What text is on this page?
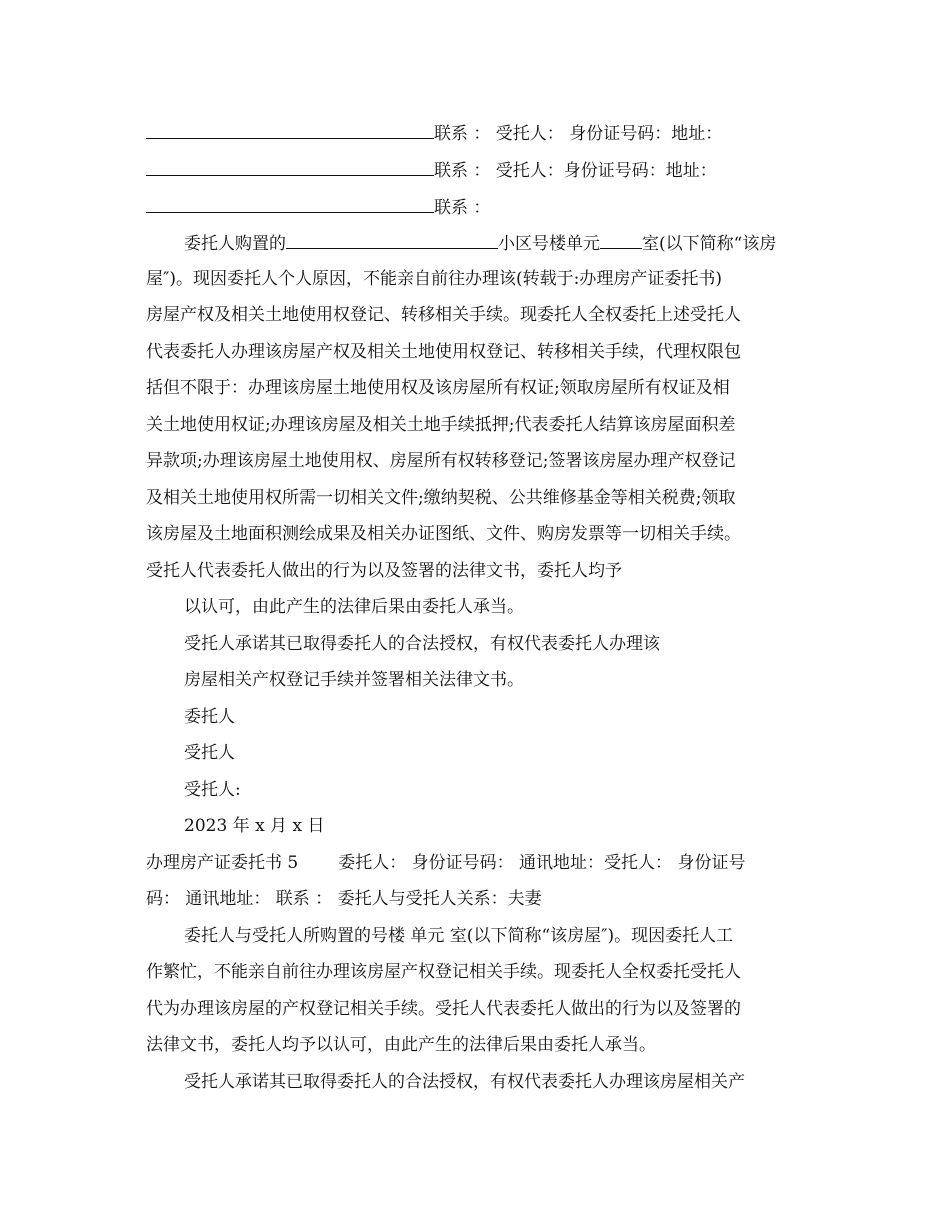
联系 ： 受托人： 身份证号码：地址：
联系 ： 受托人：身份证号码：地址：
联系 ：
委托人购置的	小区号楼单元 室(以下简称“该房
屋″)。现因委托人个人原因，不能亲自前往办理该(转载于:办理房产证委托书)
房屋产权及相关土地使用权登记、转移相关手续。现委托人全权委托上述受托人
代表委托人办理该房屋产权及相关土地使用权登记、转移相关手续，代理权限包
括但不限于：办理该房屋土地使用权及该房屋所有权证;领取房屋所有权证及相
关土地使用权证;办理该房屋及相关土地手续抵押;代表委托人结算该房屋面积差
异款项;办理该房屋土地使用权、房屋所有权转移登记;签署该房屋办理产权登记
及相关土地使用权所需一切相关文件;缴纳契税、公共维修基金等相关税费;领取
该房屋及土地面积测绘成果及相关办证图纸、文件、购房发票等一切相关手续。
受托人代表委托人做出的行为以及签署的法律文书，委托人均予
以认可，由此产生的法律后果由委托人承当。
受托人承诺其已取得委托人的合法授权，有权代表委托人办理该
房屋相关产权登记手续并签署相关法律文书。
委托人
受托人
受托人:
2023 年 x 月 x 日
办理房产证委托书 5 委托人： 身份证号码： 通讯地址：受托人： 身份证号
码： 通讯地址： 联系 ： 委托人与受托人关系：夫妻
委托人与受托人所购置的号楼 单元 室(以下简称“该房屋″)。现因委托人工
作繁忙，不能亲自前往办理该房屋产权登记相关手续。现委托人全权委托受托人
代为办理该房屋的产权登记相关手续。受托人代表委托人做出的行为以及签署的
法律文书，委托人均予以认可，由此产生的法律后果由委托人承当。
受托人承诺其已取得委托人的合法授权，有权代表委托人办理该房屋相关产
